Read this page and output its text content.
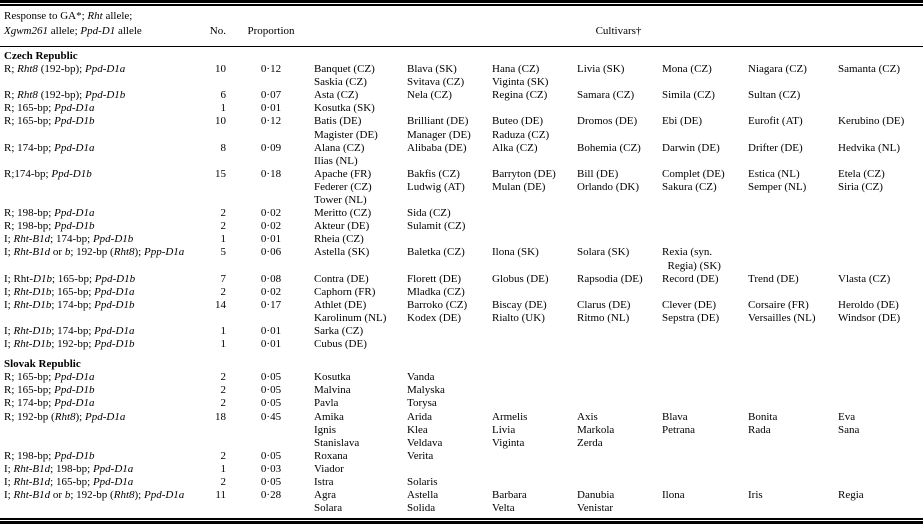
Response to GA*; Rht allele;
Xgwm261 allele; Ppd-D1 allele	No.	Proportion	Cultivars†
Czech Republic
R; Rht8 (192-bp); Ppd-D1a	10	0·12	Banquet (CZ)	Blava (SK)	Hana (CZ)	Livia (SK)	Mona (CZ)	Niagara (CZ)	Samanta (CZ)
Saskia (CZ)	Svitava (CZ)	Viginta (SK)
R; Rht8 (192-bp); Ppd-D1b	6	0·07	Asta (CZ)	Nela (CZ)	Regina (CZ)	Samara (CZ)	Simila (CZ)	Sultan (CZ)
R; 165-bp; Ppd-D1a	1	0·01	Kosutka (SK)
R; 165-bp; Ppd-D1b	10	0·12	Batis (DE)	Brilliant (DE)	Buteo (DE)	Dromos (DE)	Ebi (DE)	Eurofit (AT)	Kerubino (DE)
Magister (DE)	Manager (DE)	Raduza (CZ)
R; 174-bp; Ppd-D1a	8	0·09	Alana (CZ)	Alibaba (DE)	Alka (CZ)	Bohemia (CZ)	Darwin (DE)	Drifter (DE)	Hedvika (NL)
Ilias (NL)
R;174-bp; Ppd-D1b	15	0·18	Apache (FR)	Bakfis (CZ)	Barryton (DE)	Bill (DE)	Complet (DE)	Estica (NL)	Etela (CZ)
Federer (CZ)	Ludwig (AT)	Mulan (DE)	Orlando (DK)	Sakura (CZ)	Semper (NL)	Siria (CZ)
Tower (NL)
R; 198-bp; Ppd-D1a	2	0·02	Meritto (CZ)	Sida (CZ)
R; 198-bp; Ppd-D1b	2	0·02	Akteur (DE)	Sulamit (CZ)
I; Rht-B1d; 174-bp; Ppd-D1b	1	0·01	Rheia (CZ)
I; Rht-B1d or b; 192-bp (Rht8); Ppp-D1a	5	0·06	Astella (SK)	Baletka (CZ)	Ilona (SK)	Solara (SK)	Rexia (syn.
Regia) (SK)
I; Rht-D1b; 165-bp; Ppd-D1b	7	0·08	Contra (DE)	Florett (DE)	Globus (DE)	Rapsodia (DE)	Record (DE)	Trend (DE)	Vlasta (CZ)
I; Rht-D1b; 165-bp; Ppd-D1a	2	0·02	Caphorn (FR)	Mladka (CZ)
I; Rht-D1b; 174-bp; Ppd-D1b	14	0·17	Athlet (DE)	Barroko (CZ)	Biscay (DE)	Clarus (DE)	Clever (DE)	Corsaire (FR)	Heroldo (DE)
Karolinum (NL)	Kodex (DE)	Rialto (UK)	Ritmo (NL)	Sepstra (DE)	Versailles (NL)	Windsor (DE)
I; Rht-D1b; 174-bp; Ppd-D1a	1	0·01	Sarka (CZ)
I; Rht-D1b; 192-bp; Ppd-D1b	1	0·01	Cubus (DE)
Slovak Republic
R; 165-bp; Ppd-D1a	2	0·05	Kosutka	Vanda
R; 165-bp; Ppd-D1b	2	0·05	Malvina	Malyska
R; 174-bp; Ppd-D1a	2	0·05	Pavla	Torysa
R; 192-bp (Rht8); Ppd-D1a	18	0·45	Amika	Arida	Armelis	Axis	Blava	Bonita	Eva
Ignis	Klea	Livia	Markola	Petrana	Rada	Sana
Stanislava	Veldava	Viginta	Zerda
R; 198-bp; Ppd-D1b	2	0·05	Roxana	Verita
I; Rht-B1d; 198-bp; Ppd-D1a	1	0·03	Viador
I; Rht-B1d; 165-bp; Ppd-D1a	2	0·05	Istra	Solaris
I; Rht-B1d or b; 192-bp (Rht8); Ppd-D1a	11	0·28	Agra	Astella	Barbara	Danubia	Ilona	Iris	Regia
Solara	Solida	Velta	Venistar
